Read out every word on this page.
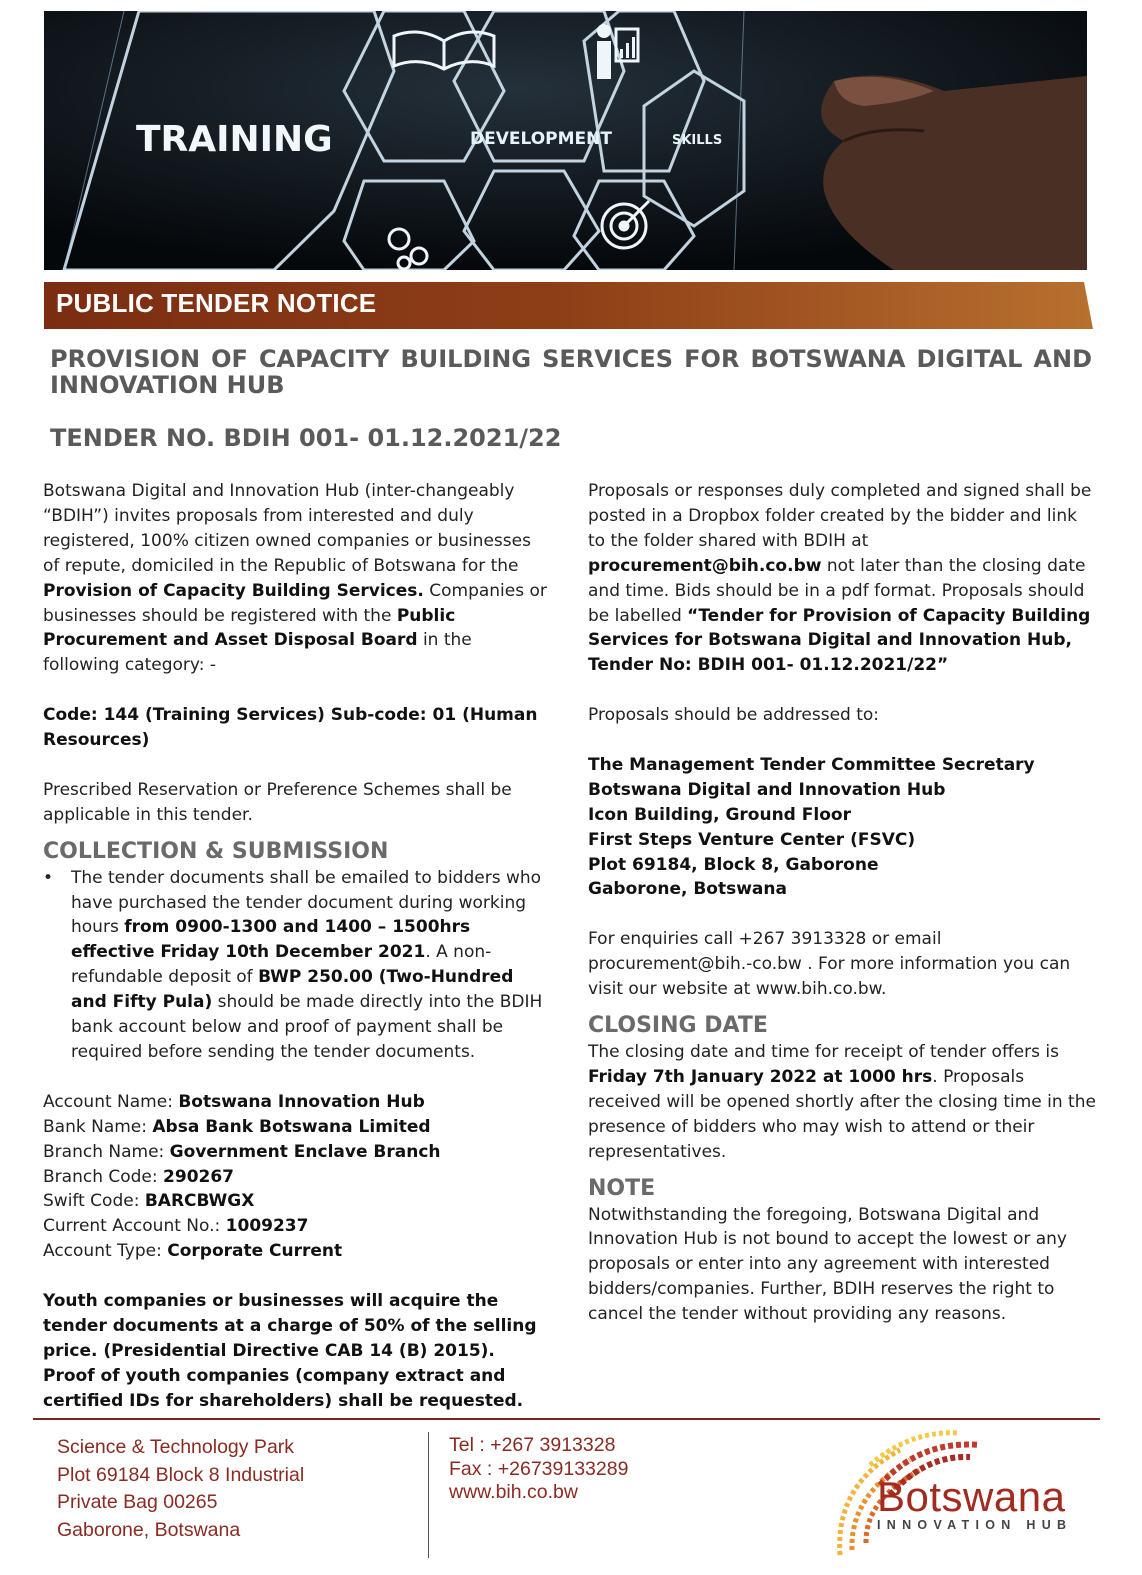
TRAINING	DEVELOPMENT	SKILLS
PUBLIC TENDER NOTICE
PROVISION OF CAPACITY BUILDING SERVICES FOR BOTSWANA DIGITAL AND
INNOVATION HUB
TENDER NO. BDIH 001- 01.12.2021/22

Botswana Digital and Innovation Hub (inter-changeably “BDIH”) invites proposals from interested and duly registered, 100% citizen owned companies or businesses of repute, domiciled in the Republic of Botswana for the Provision of Capacity Building Services. Companies or businesses should be registered with the Public Procurement and Asset Disposal Board in the following category: -

Code: 144 (Training Services) Sub-code: 01 (Human Resources)

Prescribed Reservation or Preference Schemes shall be applicable in this tender.

COLLECTION & SUBMISSION

• The tender documents shall be emailed to bidders who have purchased the tender document during working hours from 0900-1300 and 1400 – 1500hrs effective Friday 10th December 2021. A non-refundable deposit of BWP 250.00 (Two-Hundred and Fifty Pula) should be made directly into the BDIH bank account below and proof of payment shall be required before sending the tender documents.

Account Name: Botswana Innovation Hub

Bank Name: Absa Bank Botswana Limited

Branch Name: Government Enclave Branch

Branch Code: 290267

Swift Code: BARCBWGX

Current Account No.: 1009237

Account Type: Corporate Current

Youth companies or businesses will acquire the tender documents at a charge of 50% of the selling price. (Presidential Directive CAB 14 (B) 2015). Proof of youth companies (company extract and certified IDs for shareholders) shall be requested.

Proposals or responses duly completed and signed shall be posted in a Dropbox folder created by the bidder and link to the folder shared with BDIH at procurement@bih.co.bw not later than the closing date and time. Bids should be in a pdf format. Proposals should be labelled “Tender for Provision of Capacity Building Services for Botswana Digital and Innovation Hub, Tender No: BDIH 001- 01.12.2021/22”

Proposals should be addressed to:

The Management Tender Committee Secretary

Botswana Digital and Innovation Hub

Icon Building, Ground Floor

First Steps Venture Center (FSVC)

Plot 69184, Block 8, Gaborone

Gaborone, Botswana

For enquiries call +267 3913328 or email procurement@bih.-co.bw . For more information you can visit our website at www.bih.co.bw.

CLOSING DATE

The closing date and time for receipt of tender offers is Friday 7th January 2022 at 1000 hrs. Proposals received will be opened shortly after the closing time in the presence of bidders who may wish to attend or their representatives.

NOTE

Notwithstanding the foregoing, Botswana Digital and Innovation Hub is not bound to accept the lowest or any proposals or enter into any agreement with interested bidders/companies. Further, BDIH reserves the right to cancel the tender without providing any reasons.

Science & Technology Park
Plot 69184 Block 8 Industrial
Private Bag 00265
Gaborone, Botswana
Tel : +267 3913328
Fax : +26739133289
www.bih.co.bw	Botswana
INNOVATION HUB
